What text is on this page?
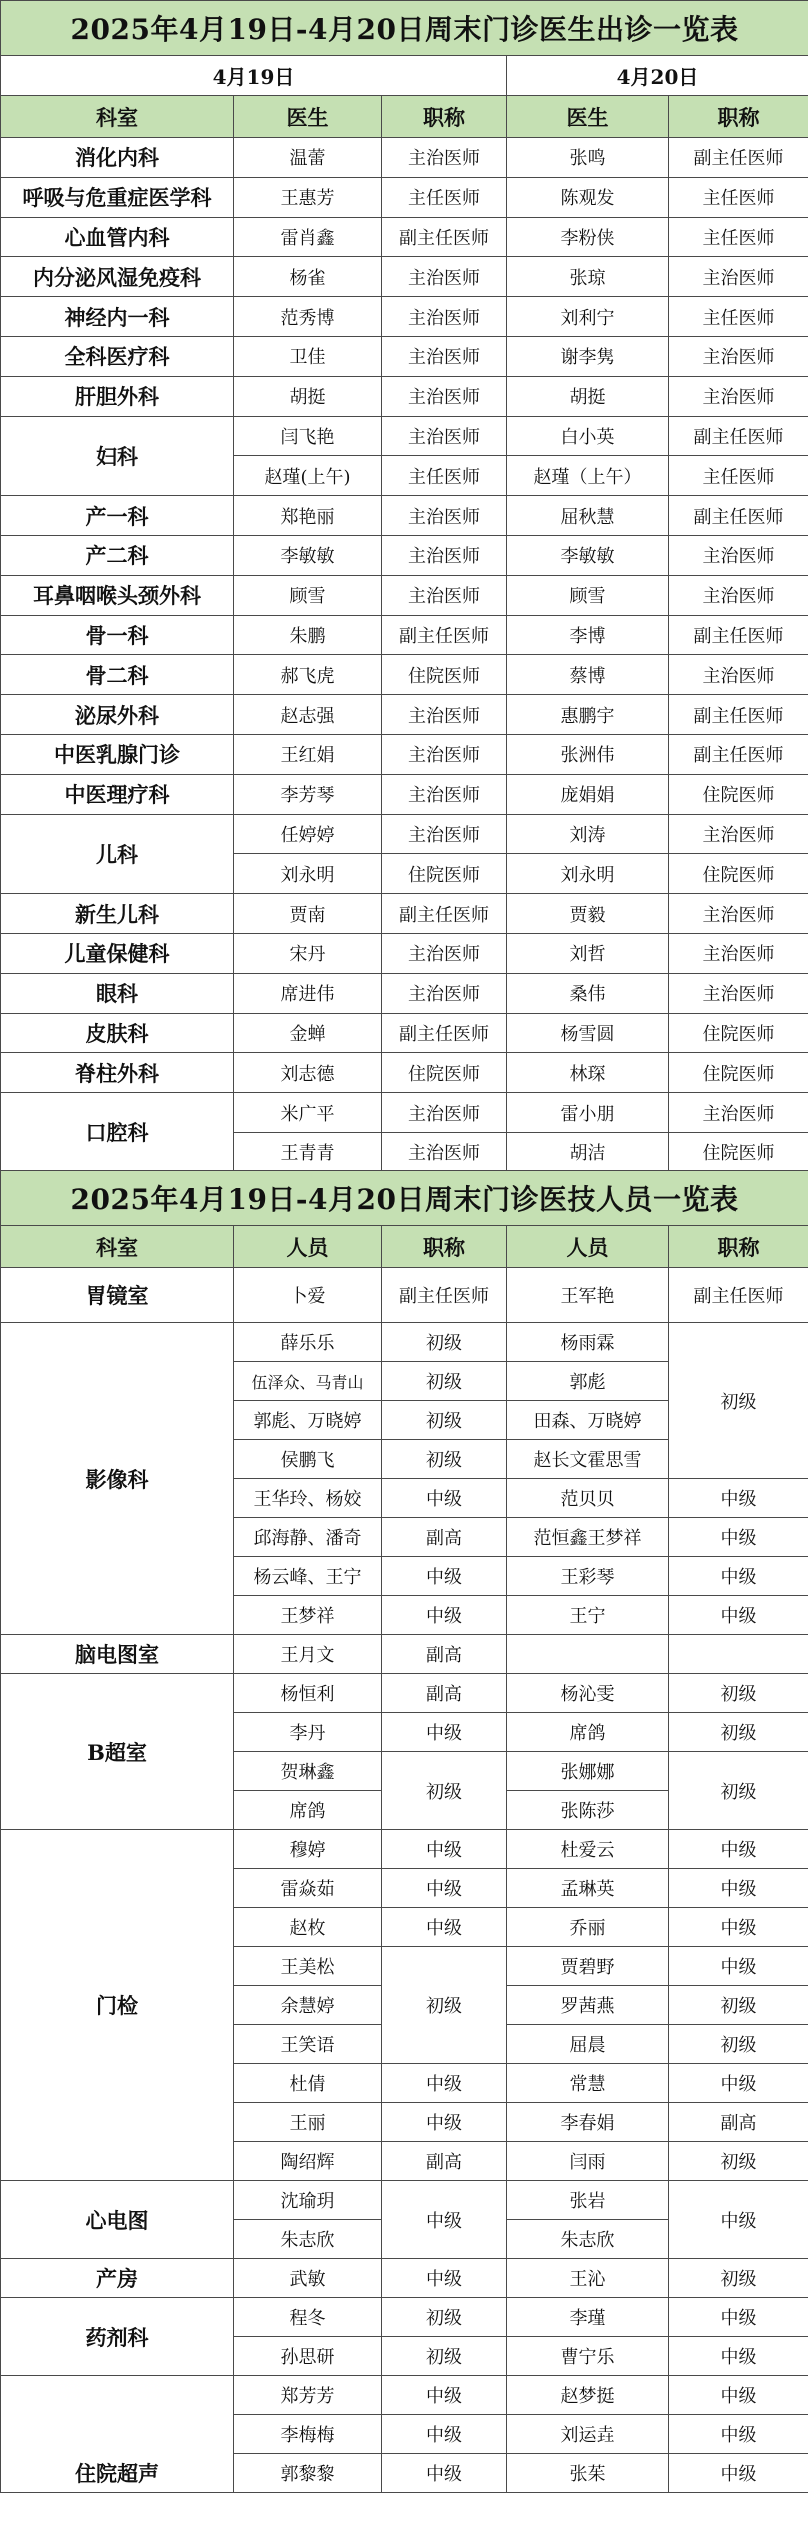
2025年4月19日-4月20日周末门诊医生出诊一览表				
4月19日			4月20日	
科室	医生	职称	医生	职称
消化内科	温蕾	主治医师	张鸣	副主任医师
呼吸与危重症医学科	王惠芳	主任医师	陈观发	主任医师
心血管内科	雷肖鑫	副主任医师	李粉侠	主任医师
内分泌风湿免疫科	杨雀	主治医师	张琼	主治医师
神经内一科	范秀博	主治医师	刘利宁	主任医师
全科医疗科	卫佳	主治医师	谢李隽	主治医师
肝胆外科	胡挺	主治医师	胡挺	主治医师
妇科	闫飞艳	主治医师	白小英	副主任医师
	赵瑾(上午)	主任医师	赵瑾（上午）	主任医师
产一科	郑艳丽	主治医师	屈秋慧	副主任医师
产二科	李敏敏	主治医师	李敏敏	主治医师
耳鼻咽喉头颈外科	顾雪	主治医师	顾雪	主治医师
骨一科	朱鹏	副主任医师	李博	副主任医师
骨二科	郝飞虎	住院医师	蔡博	主治医师
泌尿外科	赵志强	主治医师	惠鹏宇	副主任医师
中医乳腺门诊	王红娟	主治医师	张洲伟	副主任医师
中医理疗科	李芳琴	主治医师	庞娟娟	住院医师
儿科	任婷婷	主治医师	刘涛	主治医师
	刘永明	住院医师	刘永明	住院医师
新生儿科	贾南	副主任医师	贾毅	主治医师
儿童保健科	宋丹	主治医师	刘哲	主治医师
眼科	席进伟	主治医师	桑伟	主治医师
皮肤科	金蝉	副主任医师	杨雪圆	住院医师
脊柱外科	刘志德	住院医师	林琛	住院医师
口腔科	米广平	主治医师	雷小朋	主治医师
	王青青	主治医师	胡洁	住院医师
2025年4月19日-4月20日周末门诊医技人员一览表				
科室	人员	职称	人员	职称
胃镜室	卜爱	副主任医师	王军艳	副主任医师
影像科	薛乐乐	初级	杨雨霖	初级
	伍泽众、马青山	初级	郭彪	
	郭彪、万晓婷	初级	田森、万晓婷	
	侯鹏飞	初级	赵长文霍思雪	
	王华玲、杨姣	中级	范贝贝	中级
	邱海静、潘奇	副高	范恒鑫王梦祥	中级
	杨云峰、王宁	中级	王彩琴	中级
	王梦祥	中级	王宁	中级
脑电图室	王月文	副高		
B超室	杨恒利	副高	杨沁雯	初级
	李丹	中级	席鸽	初级
	贺琳鑫	初级	张娜娜	初级
	席鸽		张陈莎	
门检	穆婷	中级	杜爱云	中级
	雷焱茹	中级	孟琳英	中级
	赵枚	中级	乔丽	中级
	王美松	初级	贾碧野	中级
	余慧婷		罗茜燕	初级
	王笑语		屈晨	初级
	杜倩	中级	常慧	中级
	王丽	中级	李春娟	副高
	陶绍辉	副高	闫雨	初级
心电图	沈瑜玥	中级	张岩	中级
	朱志欣		朱志欣	
产房	武敏	中级	王沁	初级
药剂科	程冬	初级	李瑾	中级
	孙思研	初级	曹宁乐	中级
住院超声	郑芳芳	中级	赵梦挺	中级
	李梅梅	中级	刘运垚	中级
	郭黎黎	中级	张茱	中级
